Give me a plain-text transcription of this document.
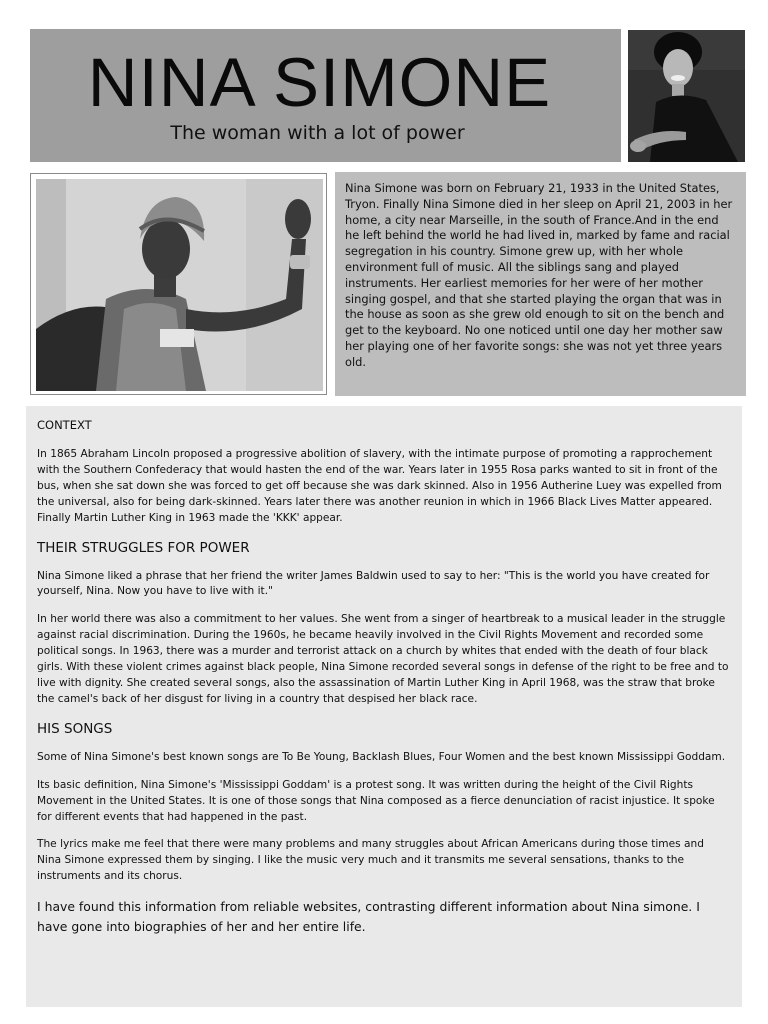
NINA SIMONE
The woman with a lot of power

Nina Simone was born on February 21, 1933 in the United States, Tryon. Finally Nina Simone died in her sleep on April 21, 2003 in her home, a city near Marseille, in the south of France.And in the end he left behind the world he had lived in, marked by fame and racial segregation in his country. Simone grew up, with her whole environment full of music. All the siblings sang and played instruments. Her earliest memories for her were of her mother singing gospel, and that she started playing the organ that was in the house as soon as she grew old enough to sit on the bench and get to the keyboard. No one noticed until one day her mother saw her playing one of her favorite songs: she was not yet three years old.

CONTEXT

In 1865 Abraham Lincoln proposed a progressive abolition of slavery, with the intimate purpose of promoting a rapprochement with the Southern Confederacy that would hasten the end of the war. Years later in 1955 Rosa parks wanted to sit in front of the bus, when she sat down she was forced to get off because she was dark skinned. Also in 1956 Autherine Luey was expelled from the universal, also for being dark-skinned. Years later there was another reunion in which in 1966 Black Lives Matter appeared. Finally Martin Luther King in 1963 made the 'KKK' appear.

THEIR STRUGGLES FOR POWER

Nina Simone liked a phrase that her friend the writer James Baldwin used to say to her: "This is the world you have created for yourself, Nina. Now you have to live with it."

In her world there was also a commitment to her values. She went from a singer of heartbreak to a musical leader in the struggle against racial discrimination. During the 1960s, he became heavily involved in the Civil Rights Movement and recorded some political songs. In 1963, there was a murder and terrorist attack on a church by whites that ended with the death of four black girls. With these violent crimes against black people, Nina Simone recorded several songs in defense of the right to be free and to live with dignity. She created several songs, also the assassination of Martin Luther King in April 1968, was the straw that broke the camel's back of her disgust for living in a country that despised her black race.

HIS SONGS

Some of Nina Simone's best known songs are To Be Young, Backlash Blues, Four Women and the best known Mississippi Goddam.

Its basic definition, Nina Simone's 'Mississippi Goddam' is a protest song. It was written during the height of the Civil Rights Movement in the United States. It is one of those songs that Nina composed as a fierce denunciation of racist injustice. It spoke for different events that had happened in the past.

The lyrics make me feel that there were many problems and many struggles about African Americans during those times and Nina Simone expressed them by singing. I like the music very much and it transmits me several sensations, thanks to the instruments and its chorus.

I have found this information from reliable websites, contrasting different information about Nina simone. I have gone into biographies of her and her entire life.
